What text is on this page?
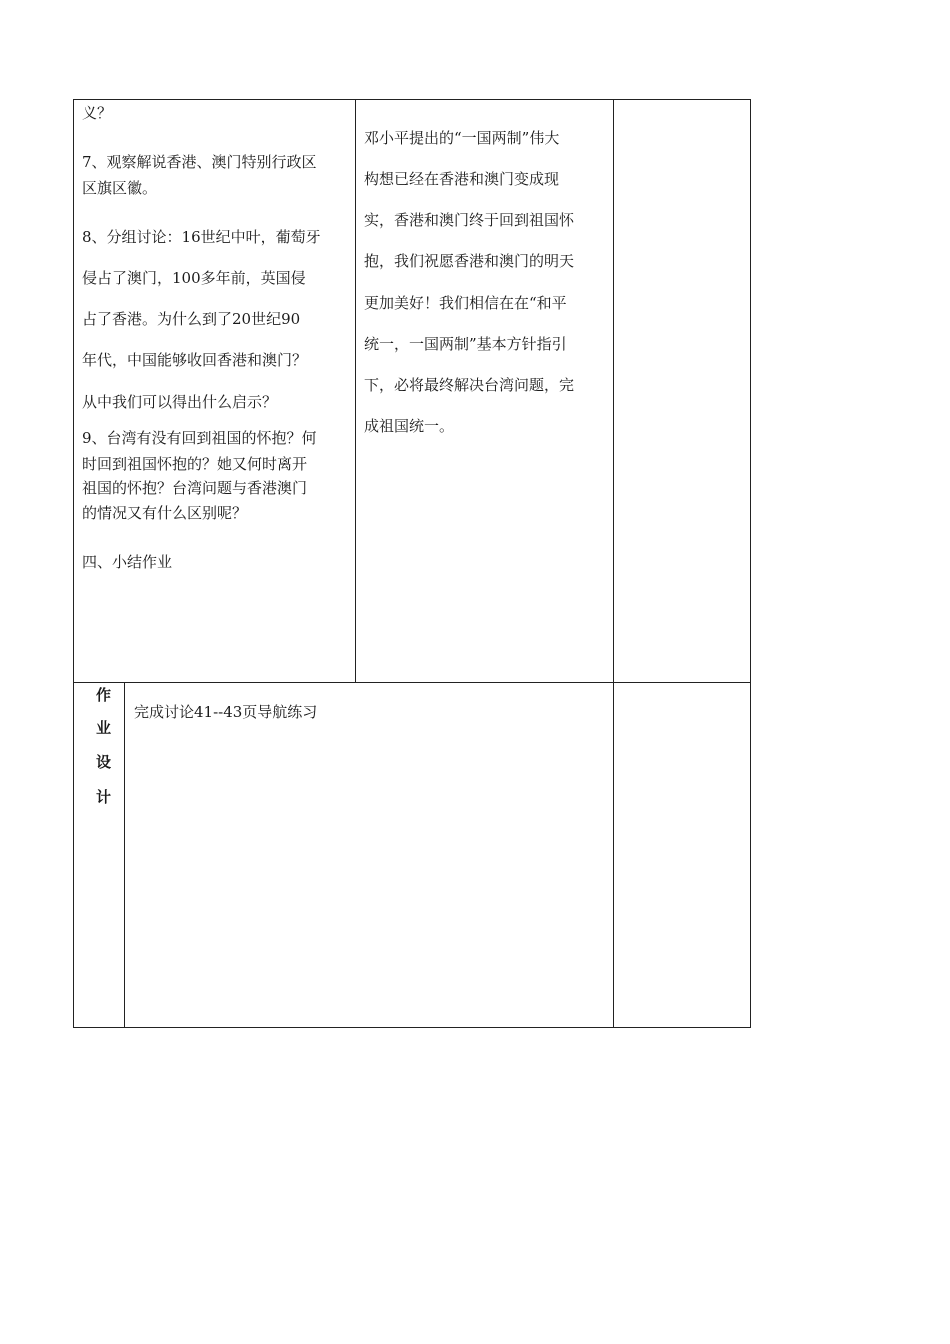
义？
7、观察解说香港、澳门特别行政区
区旗区徽。
8、分组讨论：16世纪中叶，葡萄牙
侵占了澳门，100多年前，英国侵
占了香港。为什么到了20世纪90
年代，中国能够收回香港和澳门？
从中我们可以得出什么启示？
9、台湾有没有回到祖国的怀抱？何
时回到祖国怀抱的？她又何时离开
祖国的怀抱？台湾问题与香港澳门
的情况又有什么区别呢？
四、小结作业
邓小平提出的“一国两制”伟大
构想已经在香港和澳门变成现
实，香港和澳门终于回到祖国怀
抱，我们祝愿香港和澳门的明天
更加美好！我们相信在在“和平
统一，一国两制”基本方针指引
下，必将最终解决台湾问题，完
成祖国统一。
作
业
设
计
完成讨论41--43页导航练习
